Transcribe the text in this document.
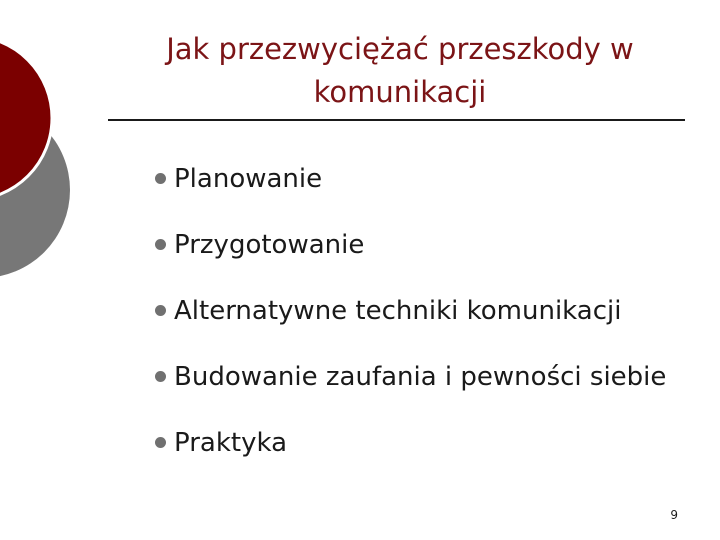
Jak przezwyciężać przeszkody w
komunikacji
Planowanie
Przygotowanie
Alternatywne techniki komunikacji
Budowanie zaufania i pewności siebie
Praktyka
9
